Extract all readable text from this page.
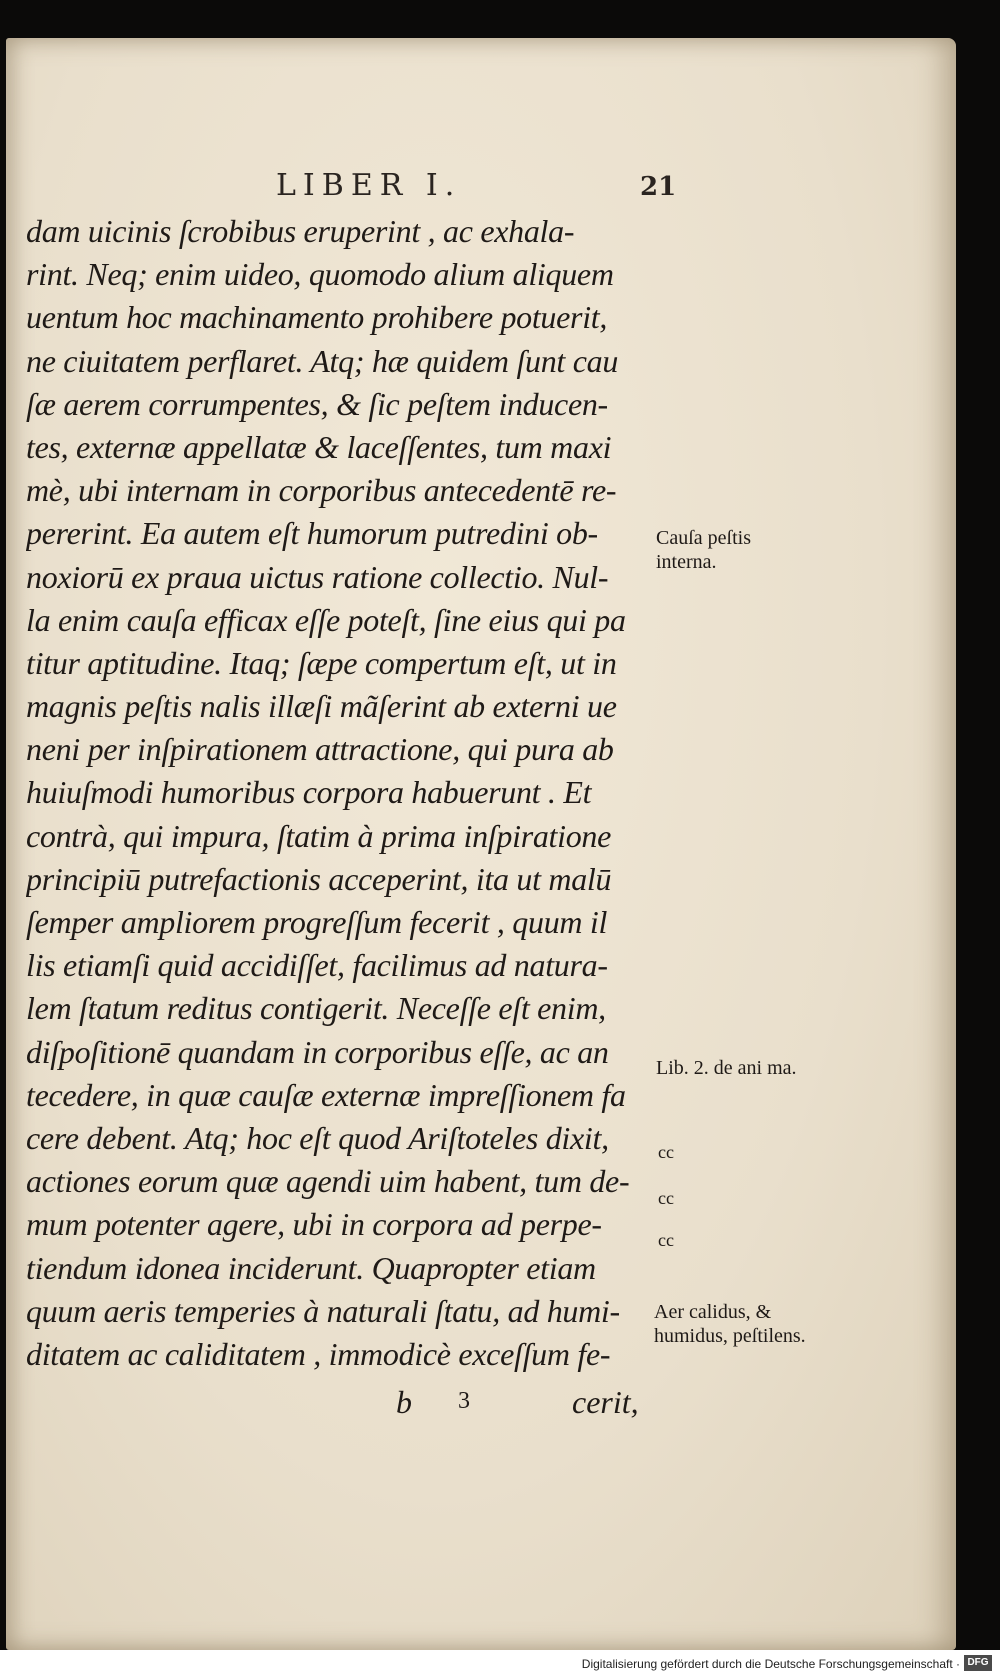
LIBER I.	21
dam uicinis ſcrobibus eruperint , ac exhala-
rint. Neq; enim uideo, quomodo alium aliquem
uentum hoc machinamento prohibere potuerit,
ne ciuitatem perflaret. Atq; hæ quidem ſunt cau
ſæ aerem corrumpentes, & ſic peſtem inducen-
tes, externæ appellatæ & laceſſentes, tum maxi
mè, ubi internam in corporibus antecedentē re-
pererint. Ea autem eſt humorum putredini ob-
noxiorū ex praua uictus ratione collectio. Nul-
la enim cauſa efficax eſſe poteſt, ſine eius qui pa
titur aptitudine. Itaq; ſæpe compertum eſt, ut in
magnis peſtis nalis illæſi mãſerint ab externi ue
neni per inſpirationem attractione, qui pura ab
huiuſmodi humoribus corpora habuerunt . Et
contrà, qui impura, ſtatim à prima inſpiratione
principiū putrefactionis acceperint, ita ut malū
ſemper ampliorem progreſſum fecerit , quum il
lis etiamſi quid accidiſſet, facilimus ad natura-
lem ſtatum reditus contigerit. Neceſſe eſt enim,
diſpoſitionē quandam in corporibus eſſe, ac an
tecedere, in quæ cauſæ externæ impreſſionem fa
cere debent. Atq; hoc eſt quod Ariſtoteles dixit,
actiones eorum quæ agendi uim habent, tum de-
mum potenter agere, ubi in corpora ad perpe-
tiendum idonea inciderunt. Quapropter etiam
quum aeris temperies à naturali ſtatu, ad humi-
ditatem ac caliditatem , immodicè exceſſum fe-
Cauſa peſtis interna.
Lib. 2. de ani ma.
cc
cc
cc
Aer calidus, & humidus, peſtilens.
b 3	cerit,
Digitalisierung gefördert durch die Deutsche Forschungsgemeinschaft · DFG
